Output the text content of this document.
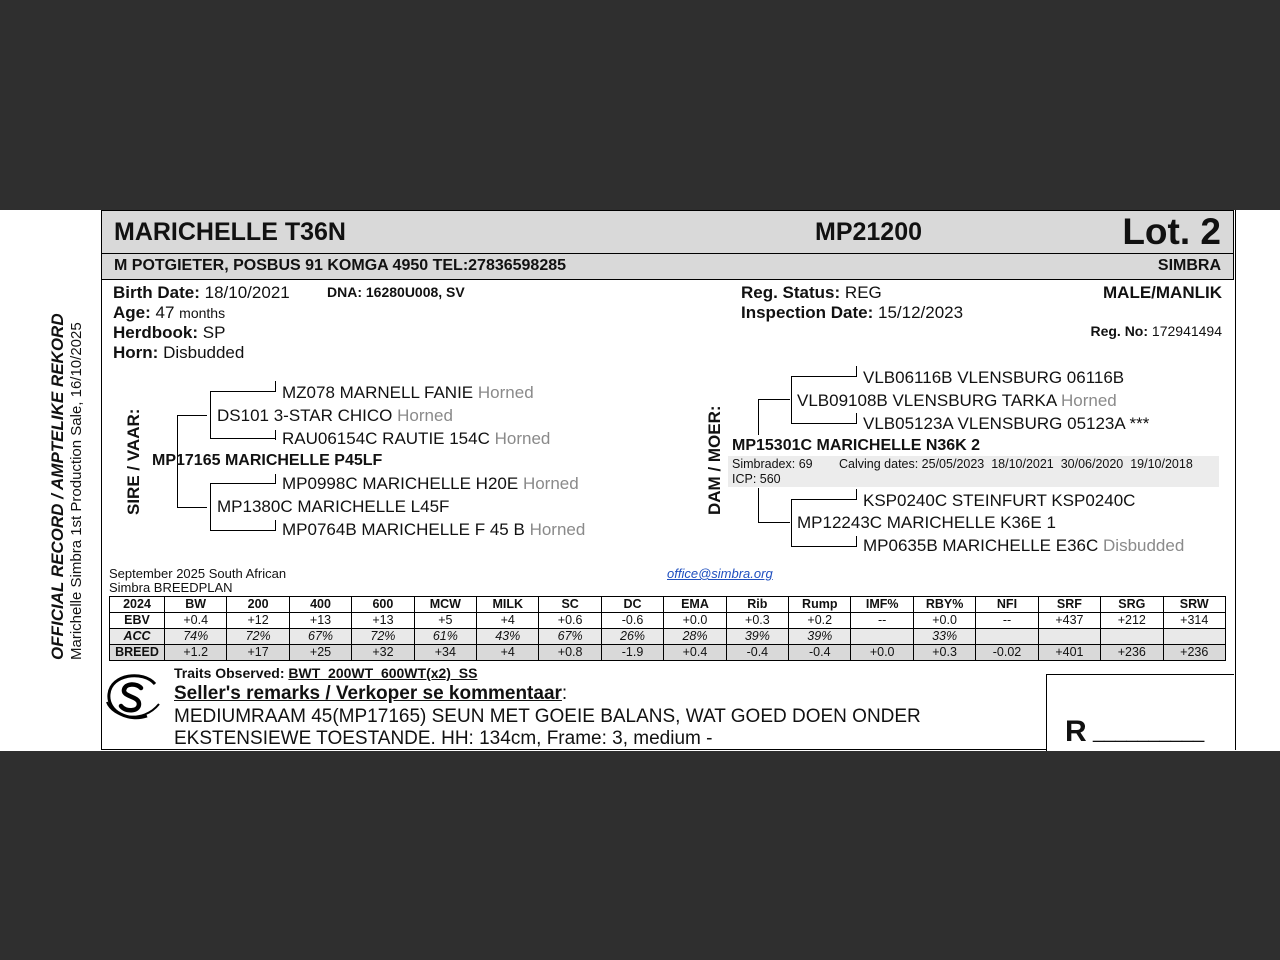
OFFICIAL RECORD / AMPTELIKE REKORD Marichelle Simbra 1st Production Sale, 16/10/2025
MARICHELLE T36N	MP21200	Lot. 2
M POTGIETER, POSBUS 91 KOMGA 4950 TEL:27836598285	SIMBRA
Birth Date: 18/10/2021	DNA: 16280U008, SV
Age: 47 months
Herdbook: SP
Horn: Disbudded
Reg. Status: REG	MALE/MANLIK
Inspection Date: 15/12/2023
Reg. No: 172941494
SIRE / VAAR:
MZ078 MARNELL FANIE Horned
DS101 3-STAR CHICO Horned
RAU06154C RAUTIE 154C Horned
MP17165 MARICHELLE P45LF
MP0998C MARICHELLE H20E Horned
MP1380C MARICHELLE L45F
MP0764B MARICHELLE F 45 B Horned
DAM / MOER:
VLB06116B VLENSBURG 06116B
VLB09108B VLENSBURG TARKA Horned
VLB05123A VLENSBURG 05123A ***
MP15301C MARICHELLE N36K 2
Simbradex: 69 Calving dates: 25/05/2023  18/10/2021  30/06/2020  19/10/2018
ICP: 560
KSP0240C STEINFURT KSP0240C
MP12243C MARICHELLE K36E 1
MP0635B MARICHELLE E36C Disbudded
September 2025 South African
Simbra BREEDPLAN
office@simbra.org
2024	BW	200	400	600	MCW	MILK	SC	DC	EMA	Rib	Rump	IMF%	RBY%	NFI	SRF	SRG	SRW
EBV	+0.4	+12	+13	+13	+5	+4	+0.6	-0.6	+0.0	+0.3	+0.2	--	+0.0	--	+437	+212	+314
ACC	74%	72%	67%	72%	61%	43%	67%	26%	28%	39%	39%		33%				
BREED	+1.2	+17	+25	+32	+34	+4	+0.8	-1.9	+0.4	-0.4	-0.4	+0.0	+0.3	-0.02	+401	+236	+236
Traits Observed: BWT  200WT  600WT(x2)  SS
Seller's remarks / Verkoper se kommentaar:
MEDIUMRAAM 45(MP17165) SEUN MET GOEIE BALANS, WAT GOED DOEN ONDER
EKSTENSIEWE TOESTANDE. HH: 134cm, Frame: 3, medium -	R __________
